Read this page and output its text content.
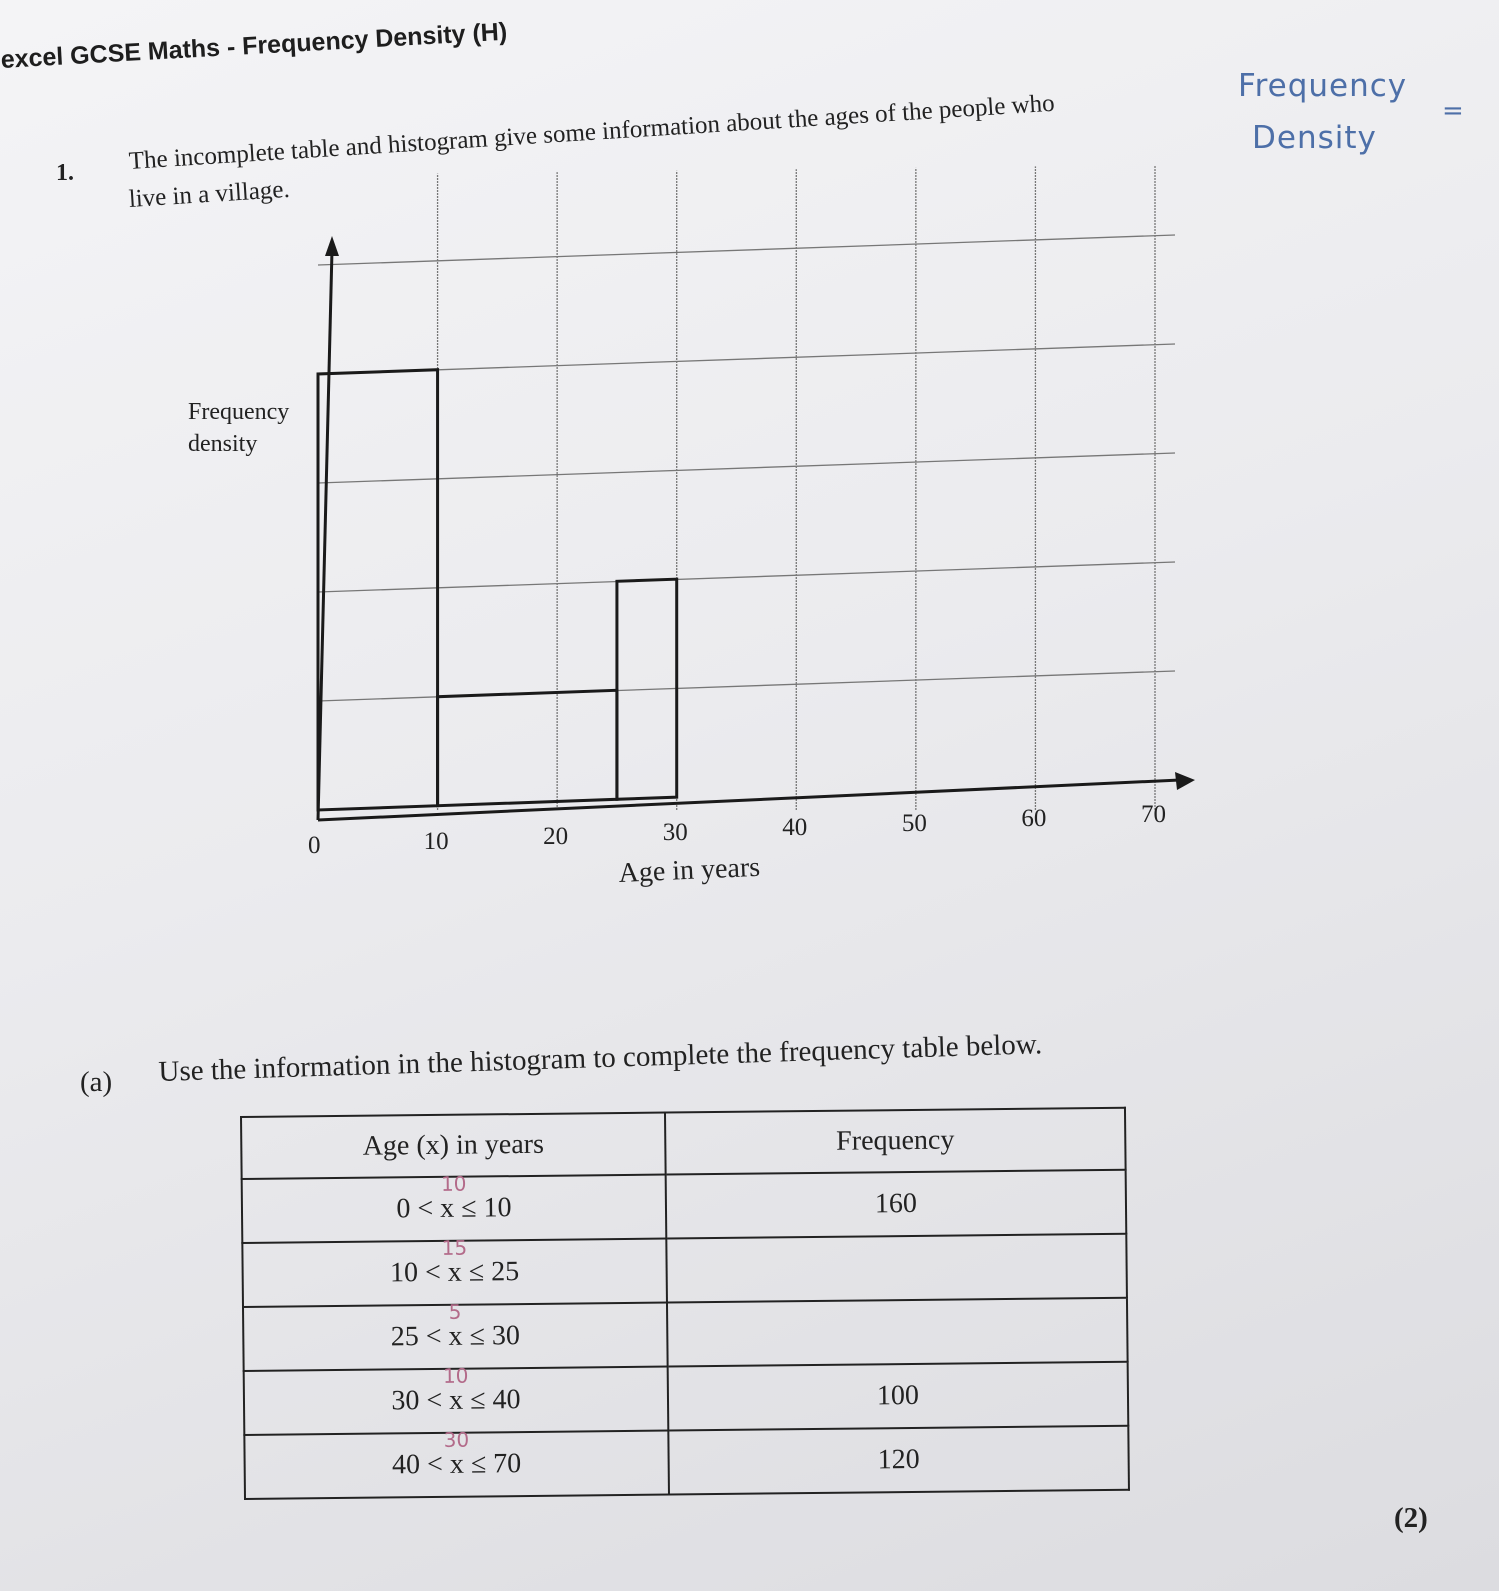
excel GCSE Maths - Frequency Density (H)
1. The incomplete table and histogram give some information about the ages of the people who
live in a village.
Frequency
Density
=
Frequency density
0	10	20	30	40	50	60	70
Age in years
(a) Use the information in the histogram to complete the frequency table below.
Age (x) in years	Frequency

10
0 < x ≤ 10	160

15
10 < x ≤ 25	

5
25 < x ≤ 30	

10
30 < x ≤ 40	100

30
40 < x ≤ 70	120
(2)
